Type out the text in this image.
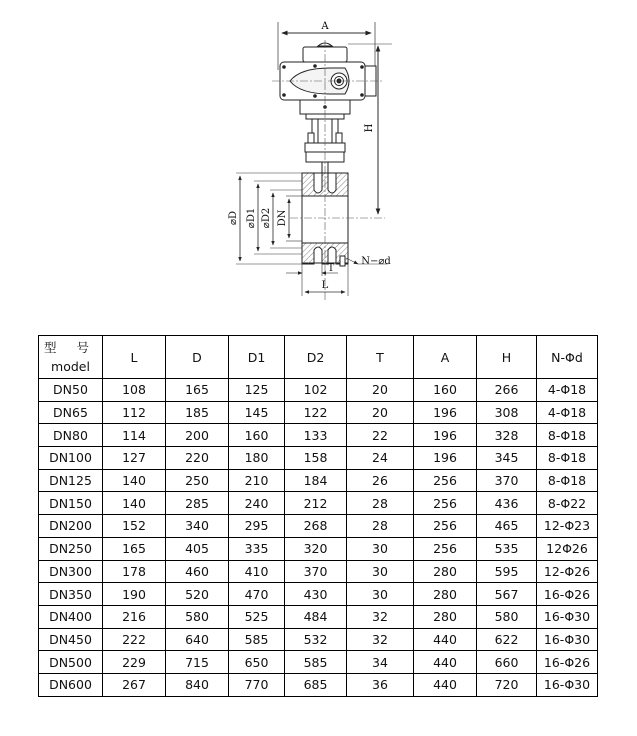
A
H
⌀D ⌀D1 ⌀D2 DN
T
L
N−⌀d
型 号
model	L	D	D1	D2	T	A	H	N-Φd
DN50	108	165	125	102	20	160	266	4-Φ18
DN65	112	185	145	122	20	196	308	4-Φ18
DN80	114	200	160	133	22	196	328	8-Φ18
DN100	127	220	180	158	24	196	345	8-Φ18
DN125	140	250	210	184	26	256	370	8-Φ18
DN150	140	285	240	212	28	256	436	8-Φ22
DN200	152	340	295	268	28	256	465	12-Φ23
DN250	165	405	335	320	30	256	535	12Φ26
DN300	178	460	410	370	30	280	595	12-Φ26
DN350	190	520	470	430	30	280	567	16-Φ26
DN400	216	580	525	484	32	280	580	16-Φ30
DN450	222	640	585	532	32	440	622	16-Φ30
DN500	229	715	650	585	34	440	660	16-Φ26
DN600	267	840	770	685	36	440	720	16-Φ30
